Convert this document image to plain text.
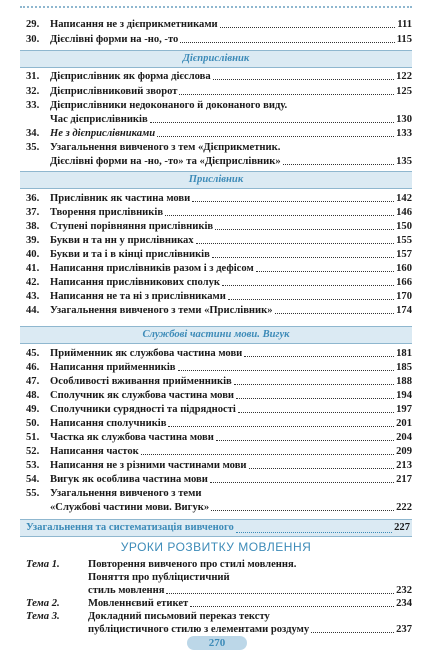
29.	Написання не з дієприкметниками	111
30.	Дієслівні форми на -но, -то	115
Дієприслівник
31.	Дієприслівник як форма дієслова	122
32.	Дієприслівниковий зворот	125
33.	Дієприслівники недоконаного й доконаного виду.
Час дієприслівників	130
34.	Не з дієприслівниками	133
35.	Узагальнення вивченого з тем «Дієприкметник.
Дієслівні форми на -но, -то» та «Дієприслівник»	135
Прислівник
36.	Прислівник як частина мови	142
37.	Творення прислівників	146
38.	Ступені порівняння прислівників	150
39.	Букви н та нн у прислівниках	155
40.	Букви и та і в кінці прислівників	157
41.	Написання прислівників разом і з дефісом	160
42.	Написання прислівникових сполук	166
43.	Написання не та ні з прислівниками	170
44.	Узагальнення вивченого з теми «Прислівник»	174
Службові частини мови. Вигук
45.	Прийменник як службова частина мови	181
46.	Написання прийменників	185
47.	Особливості вживання прийменників	188
48.	Сполучник як службова частина мови	194
49.	Сполучники сурядності та підрядності	197
50.	Написання сполучників	201
51.	Частка як службова частина мови	204
52.	Написання часток	209
53.	Написання не з різними частинами мови	213
54.	Вигук як особлива частина мови	217
55.	Узагальнення вивченого з теми
«Службові частини мови. Вигук»	222
Узагальнення та систематизація вивченого	227
УРОКИ РОЗВИТКУ МОВЛЕННЯ
Тема 1.	Повторення вивченого про стилі мовлення.
Поняття про публіцистичний
стиль мовлення	232
Тема 2.	Мовленнєвий етикет	234
Тема 3.	Докладний письмовий переказ тексту
публіцистичного стилю з елементами роздуму	237
270
